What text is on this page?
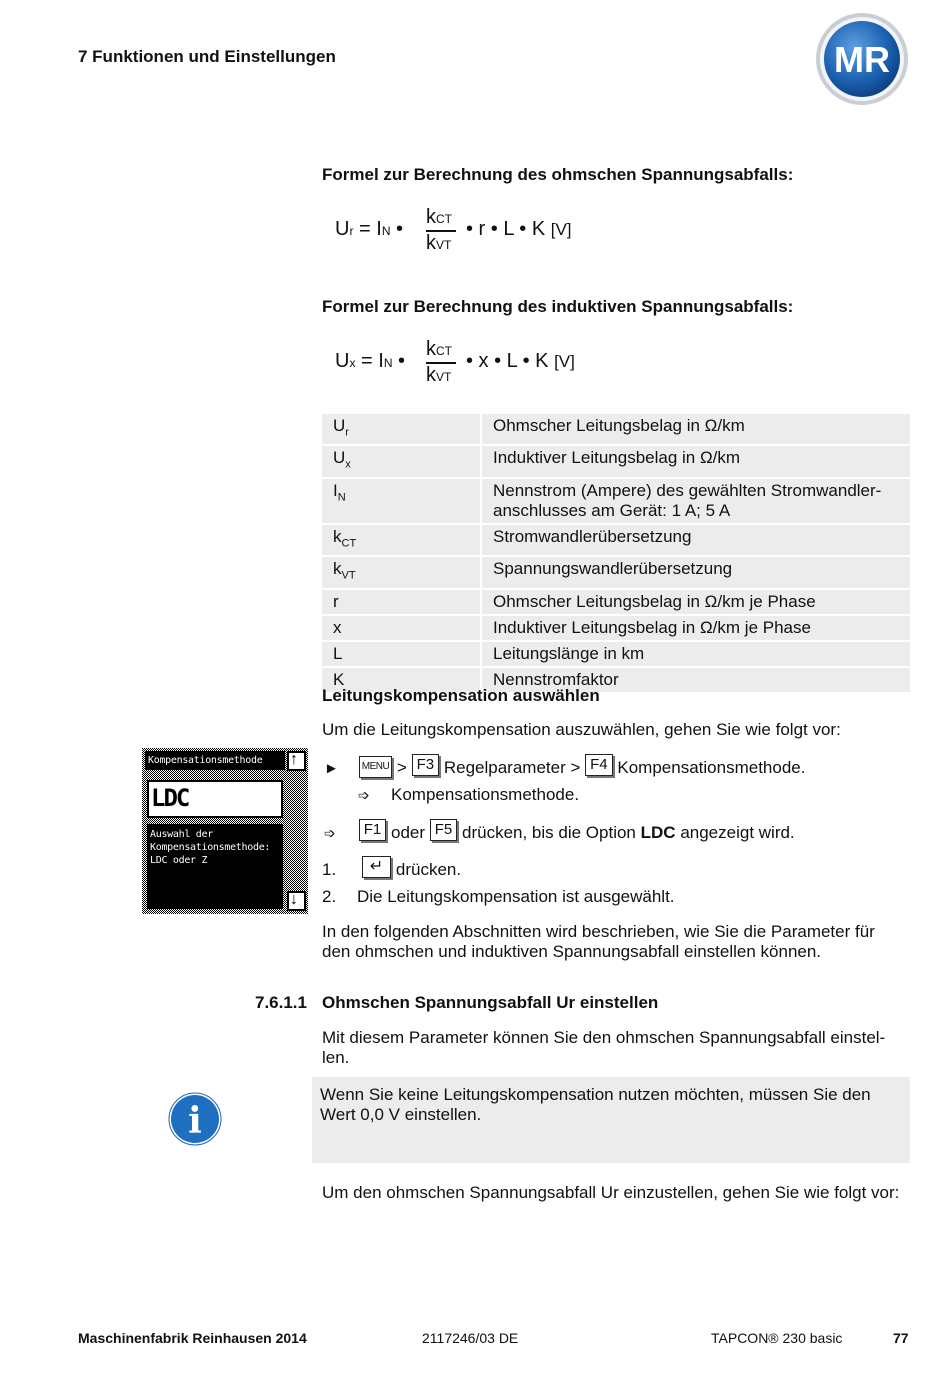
7 Funktionen und Einstellungen	MR
Formel zur Berechnung des ohmschen Spannungsabfalls:
Ur = IN •
kCT
kVT
• r • L • K [V]
Formel zur Berechnung des induktiven Spannungsabfalls:
Ux = IN •
kCT
kVT
• x • L • K [V]
$U_r$	Ohmscher Leitungsbelag in Ω/km
$U_x$	Induktiver Leitungsbelag in Ω/km
$I_N$	Nennstrom (Ampere) des gewählten Stromwandler-
anschlusses am Gerät: 1 A; 5 A
$k_{CT}$	Stromwandlerübersetzung
$k_{VT}$	Spannungswandlerübersetzung
r	Ohmscher Leitungsbelag in Ω/km je Phase
x	Induktiver Leitungsbelag in Ω/km je Phase
L	Leitungslänge in km
K	Nennstromfaktor
Leitungskompensation auswählen
Um die Leitungskompensation auszuwählen, gehen Sie wie folgt vor:
Kompensationsmethode
LDC
Auswahl der
Kompensationsmethode:
LDC oder Z
↑
↓
► MENU > F3 Regelparameter > F4 Kompensationsmethode.
➩ Kompensationsmethode.
➩ F1 oder F5 drücken, bis die Option LDC angezeigt wird.
1. ↵ drücken.
2. Die Leitungskompensation ist ausgewählt.
In den folgenden Abschnitten wird beschrieben, wie Sie die Parameter für
den ohmschen und induktiven Spannungsabfall einstellen können.
7.6.1.1 Ohmschen Spannungsabfall Ur einstellen
Mit diesem Parameter können Sie den ohmschen Spannungsabfall einstel-
len.
Wenn Sie keine Leitungskompensation nutzen möchten, müssen Sie den
Wert 0,0 V einstellen.
i
Um den ohmschen Spannungsabfall Ur einzustellen, gehen Sie wie folgt vor:
Maschinenfabrik Reinhausen 2014	2117246/03 DE	TAPCON® 230 basic	77
